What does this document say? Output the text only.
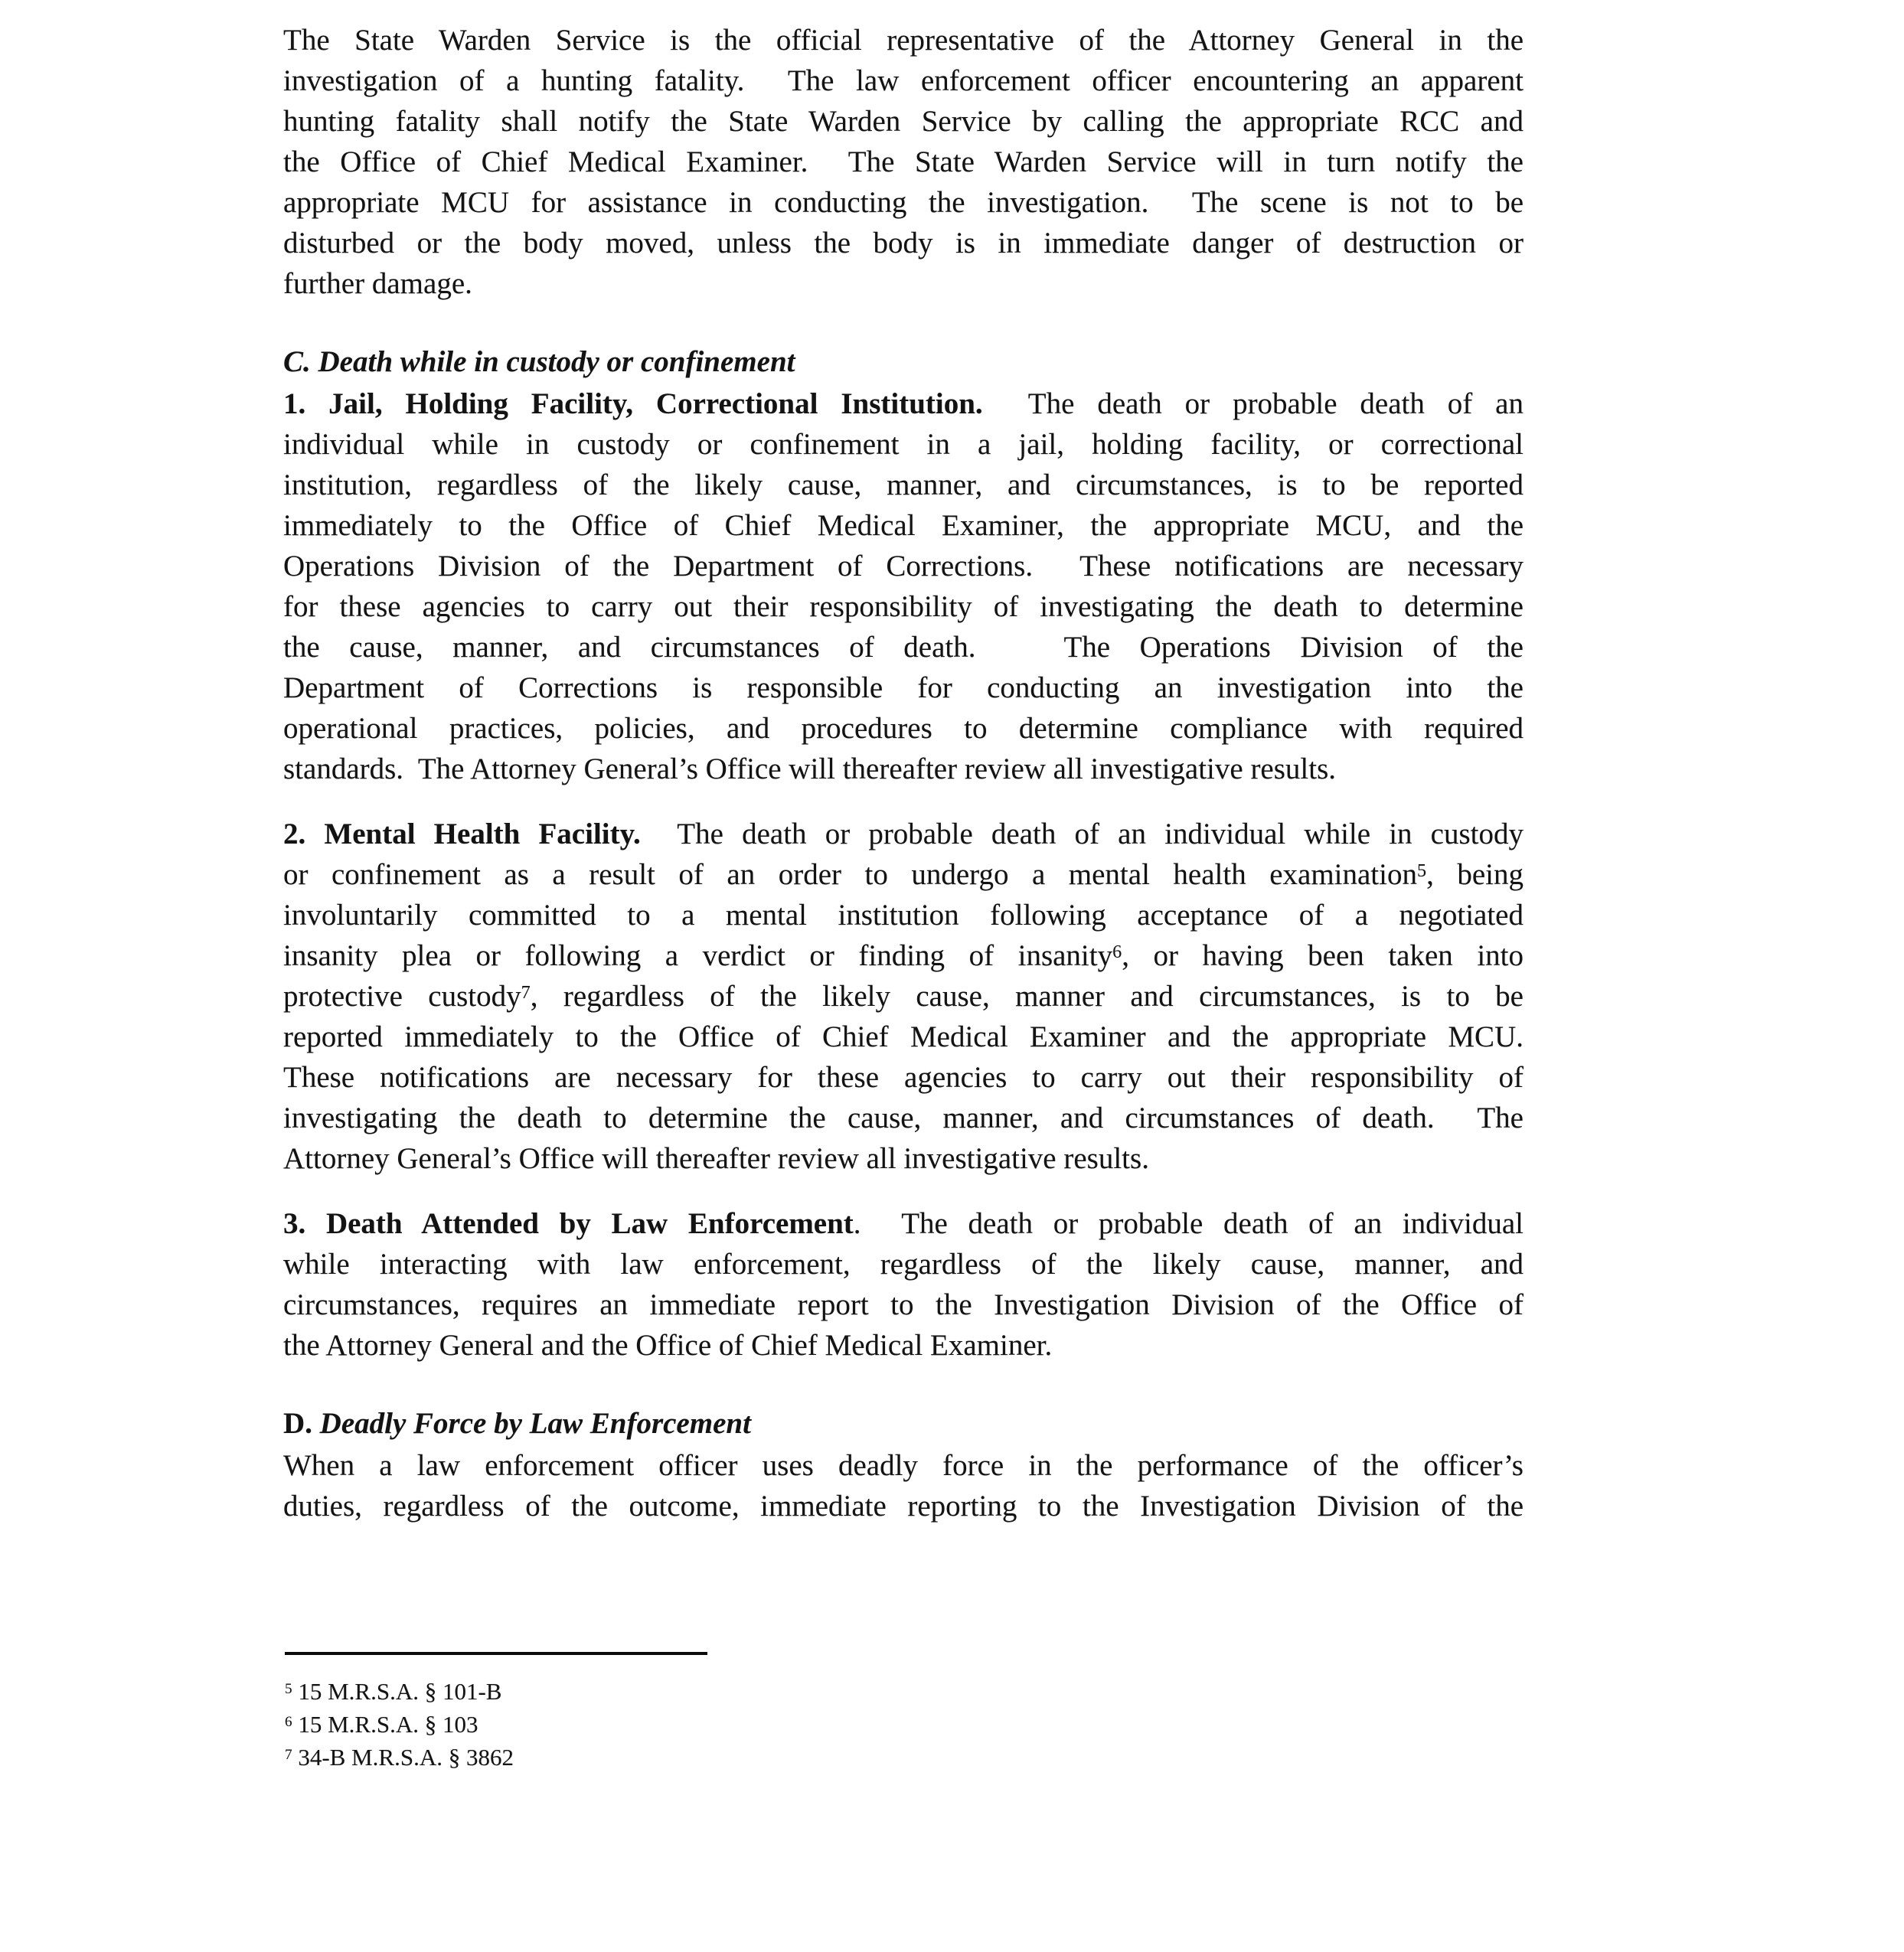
The State Warden Service is the official representative of the Attorney General in the
investigation of a hunting fatality.  The law enforcement officer encountering an apparent
hunting fatality shall notify the State Warden Service by calling the appropriate RCC and
the Office of Chief Medical Examiner.  The State Warden Service will in turn notify the
appropriate MCU for assistance in conducting the investigation.  The scene is not to be
disturbed or the body moved, unless the body is in immediate danger of destruction or
further damage.
C. Death while in custody or confinement
1. Jail, Holding Facility, Correctional Institution.  The death or probable death of an
individual while in custody or confinement in a jail, holding facility, or correctional
institution, regardless of the likely cause, manner, and circumstances, is to be reported
immediately to the Office of Chief Medical Examiner, the appropriate MCU, and the
Operations Division of the Department of Corrections.  These notifications are necessary
for these agencies to carry out their responsibility of investigating the death to determine
the cause, manner, and circumstances of death.   The Operations Division of the
Department of Corrections is responsible for conducting an investigation into the
operational practices, policies, and procedures to determine compliance with required
standards.  The Attorney General’s Office will thereafter review all investigative results.
2. Mental Health Facility.  The death or probable death of an individual while in custody
or confinement as a result of an order to undergo a mental health examination$^5$, being
involuntarily committed to a mental institution following acceptance of a negotiated
insanity plea or following a verdict or finding of insanity$^6$, or having been taken into
protective custody$^7$, regardless of the likely cause, manner and circumstances, is to be
reported immediately to the Office of Chief Medical Examiner and the appropriate MCU.
These notifications are necessary for these agencies to carry out their responsibility of
investigating the death to determine the cause, manner, and circumstances of death.  The
Attorney General’s Office will thereafter review all investigative results.
3. Death Attended by Law Enforcement.  The death or probable death of an individual
while interacting with law enforcement, regardless of the likely cause, manner, and
circumstances, requires an immediate report to the Investigation Division of the Office of
the Attorney General and the Office of Chief Medical Examiner.
D. Deadly Force by Law Enforcement
When a law enforcement officer uses deadly force in the performance of the officer’s
duties, regardless of the outcome, immediate reporting to the Investigation Division of the
$^5$ 15 M.R.S.A. § 101-B
$^6$ 15 M.R.S.A. § 103
$^7$ 34-B M.R.S.A. § 3862
